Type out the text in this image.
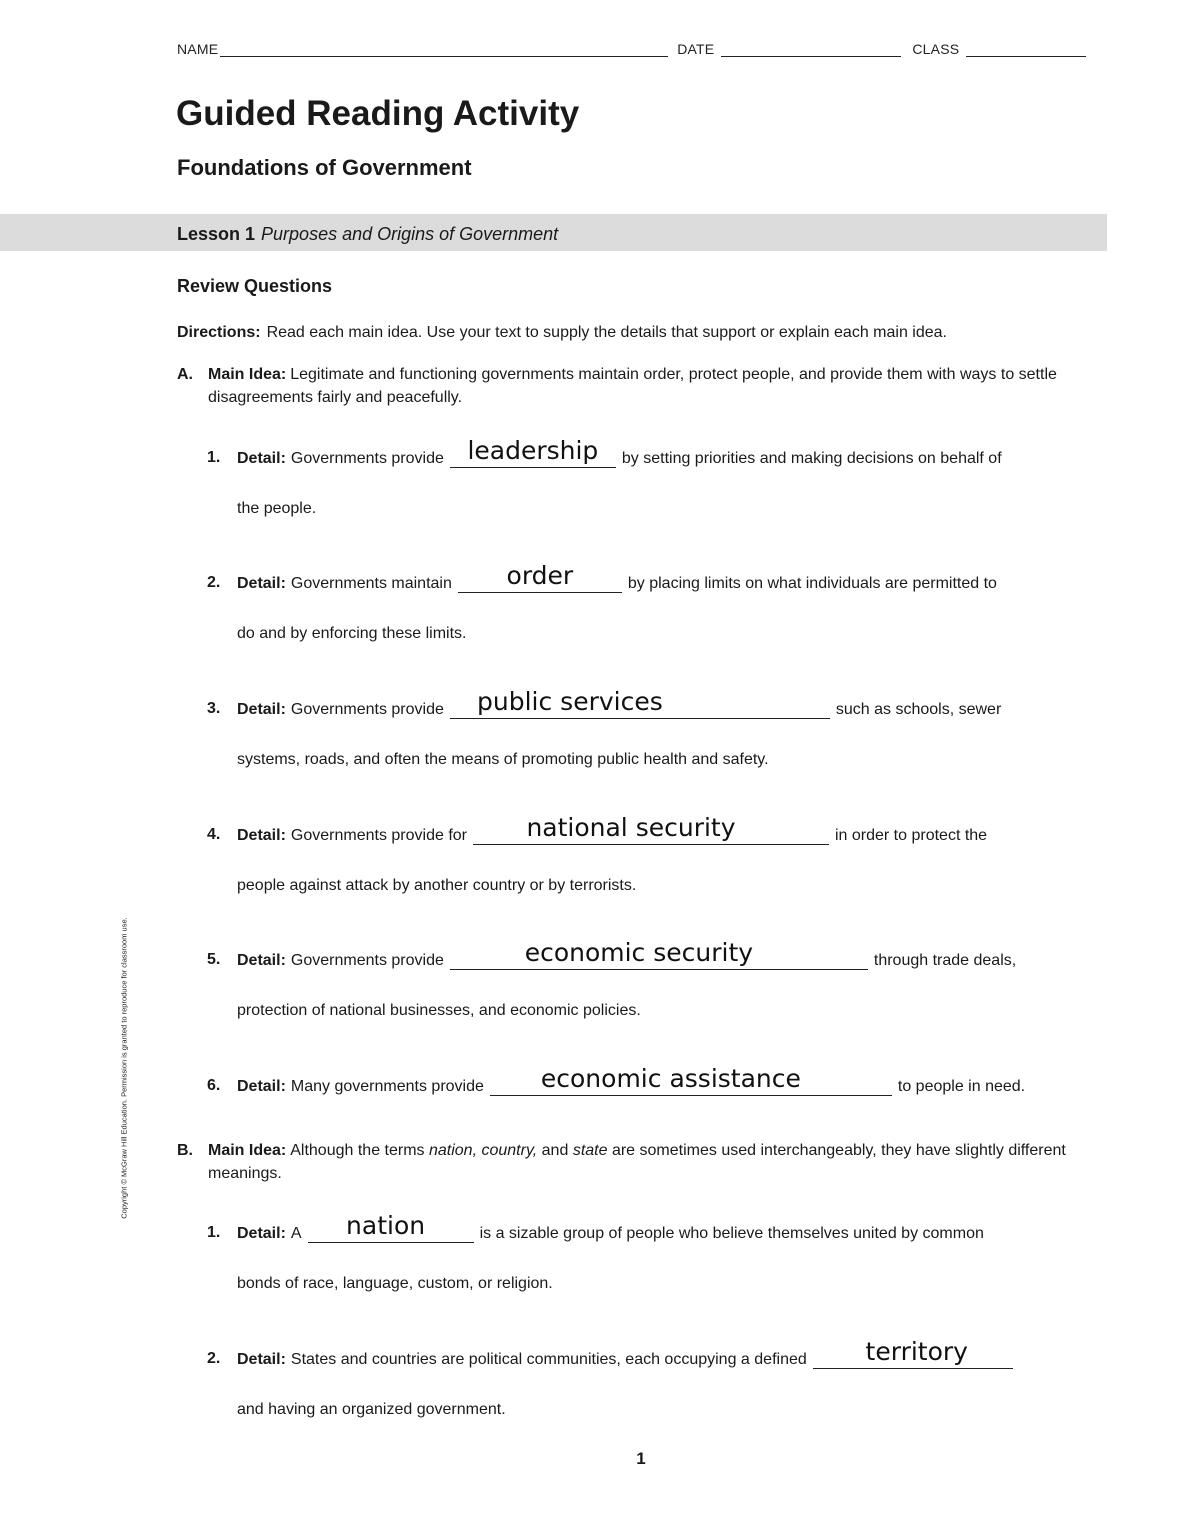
NAME	DATE	CLASS
Guided Reading Activity
Foundations of Government
Lesson 1 Purposes and Origins of Government
Review Questions
Directions: Read each main idea. Use your text to supply the details that support or explain each main idea.
A. Main Idea: Legitimate and functioning governments maintain order, protect people, and provide them with ways to settle disagreements fairly and peacefully.
1. Detail: Governments provide leadership	by setting priorities and making decisions on behalf of
the people.
2. Detail: Governments maintain	order	by placing limits on what individuals are permitted to
do and by enforcing these limits.
3. Detail: Governments provide	public services	such as schools, sewer
systems, roads, and often the means of promoting public health and safety.
4. Detail: Governments provide for	national security	in order to protect the
people against attack by another country or by terrorists.
5. Detail: Governments provide	economic security	through trade deals,
protection of national businesses, and economic policies.
6. Detail: Many governments provide	economic assistance	to people in need.
B. Main Idea: Although the terms nation, country, and state are sometimes used interchangeably, they have slightly different meanings.
1. Detail: A	nation	is a sizable group of people who believe themselves united by common
bonds of race, language, custom, or religion.
2. Detail: States and countries are political communities, each occupying a defined	territory
and having an organized government.
Copyright © McGraw Hill Education. Permission is granted to reproduce for classroom use.
1
